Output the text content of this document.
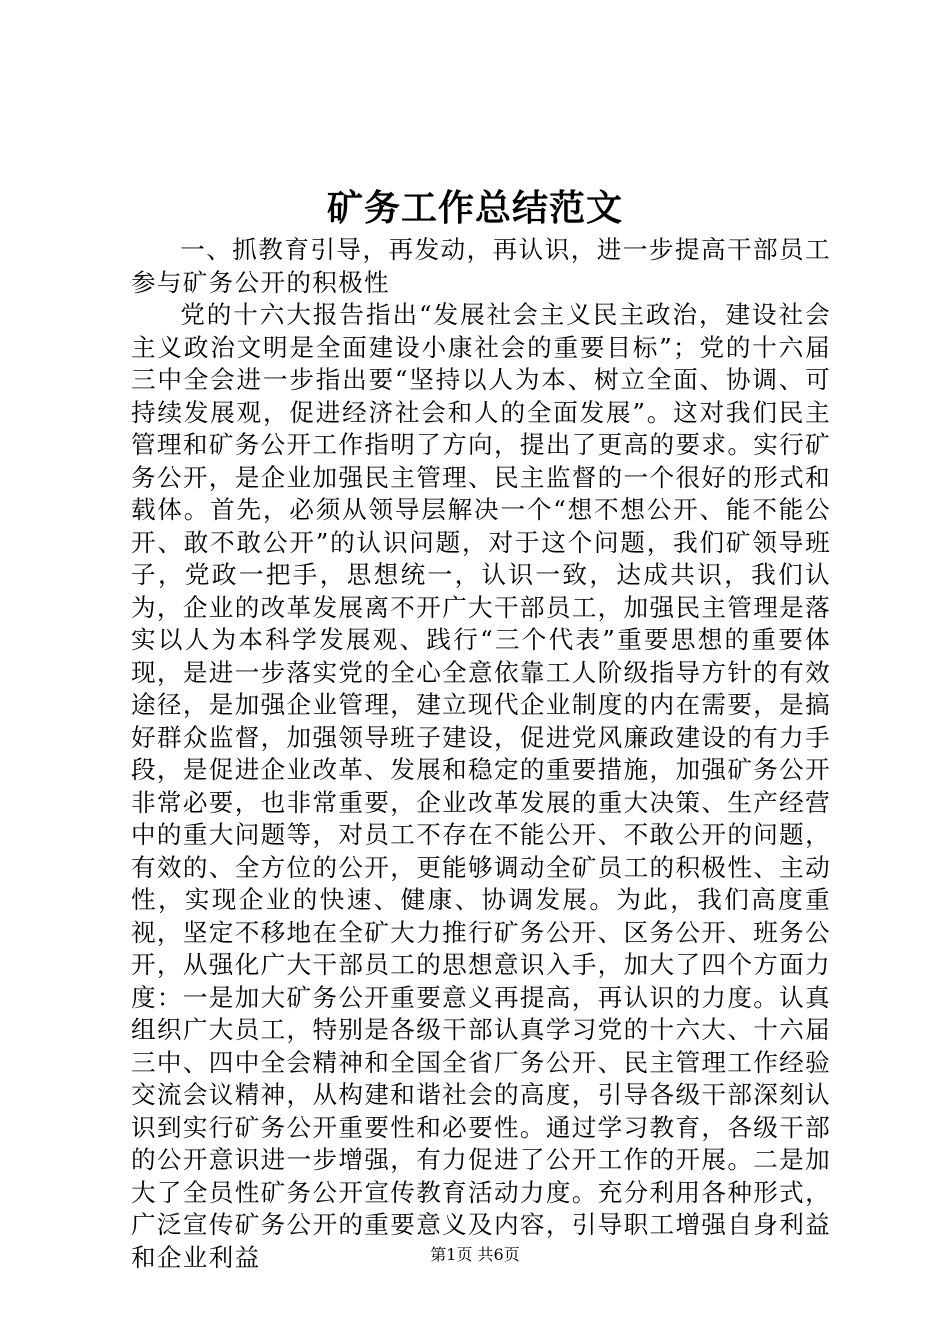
矿务工作总结范文

一、抓教育引导，再发动，再认识，进一步提高干部员工参与矿务公开的积极性

党的十六大报告指出“发展社会主义民主政治，建设社会主义政治文明是全面建设小康社会的重要目标”；党的十六届三中全会进一步指出要“坚持以人为本、树立全面、协调、可持续发展观，促进经济社会和人的全面发展”。这对我们民主管理和矿务公开工作指明了方向，提出了更高的要求。实行矿务公开，是企业加强民主管理、民主监督的一个很好的形式和载体。首先，必须从领导层解决一个“想不想公开、能不能公开、敢不敢公开”的认识问题，对于这个问题，我们矿领导班子，党政一把手，思想统一，认识一致，达成共识，我们认为，企业的改革发展离不开广大干部员工，加强民主管理是落实以人为本科学发展观、践行“三个代表”重要思想的重要体现，是进一步落实党的全心全意依靠工人阶级指导方针的有效途径，是加强企业管理，建立现代企业制度的内在需要，是搞好群众监督，加强领导班子建设，促进党风廉政建设的有力手段，是促进企业改革、发展和稳定的重要措施，加强矿务公开非常必要，也非常重要，企业改革发展的重大决策、生产经营中的重大问题等，对员工不存在不能公开、不敢公开的问题，有效的、全方位的公开，更能够调动全矿员工的积极性、主动性，实现企业的快速、健康、协调发展。为此，我们高度重视，坚定不移地在全矿大力推行矿务公开、区务公开、班务公开，从强化广大干部员工的思想意识入手，加大了四个方面力度：一是加大矿务公开重要意义再提高，再认识的力度。认真组织广大员工，特别是各级干部认真学习党的十六大、十六届三中、四中全会精神和全国全省厂务公开、民主管理工作经验交流会议精神，从构建和谐社会的高度，引导各级干部深刻认识到实行矿务公开重要性和必要性。通过学习教育，各级干部的公开意识进一步增强，有力促进了公开工作的开展。二是加大了全员性矿务公开宣传教育活动力度。充分利用各种形式，广泛宣传矿务公开的重要意义及内容，引导职工增强自身利益和企业利益	第1页 共6页
